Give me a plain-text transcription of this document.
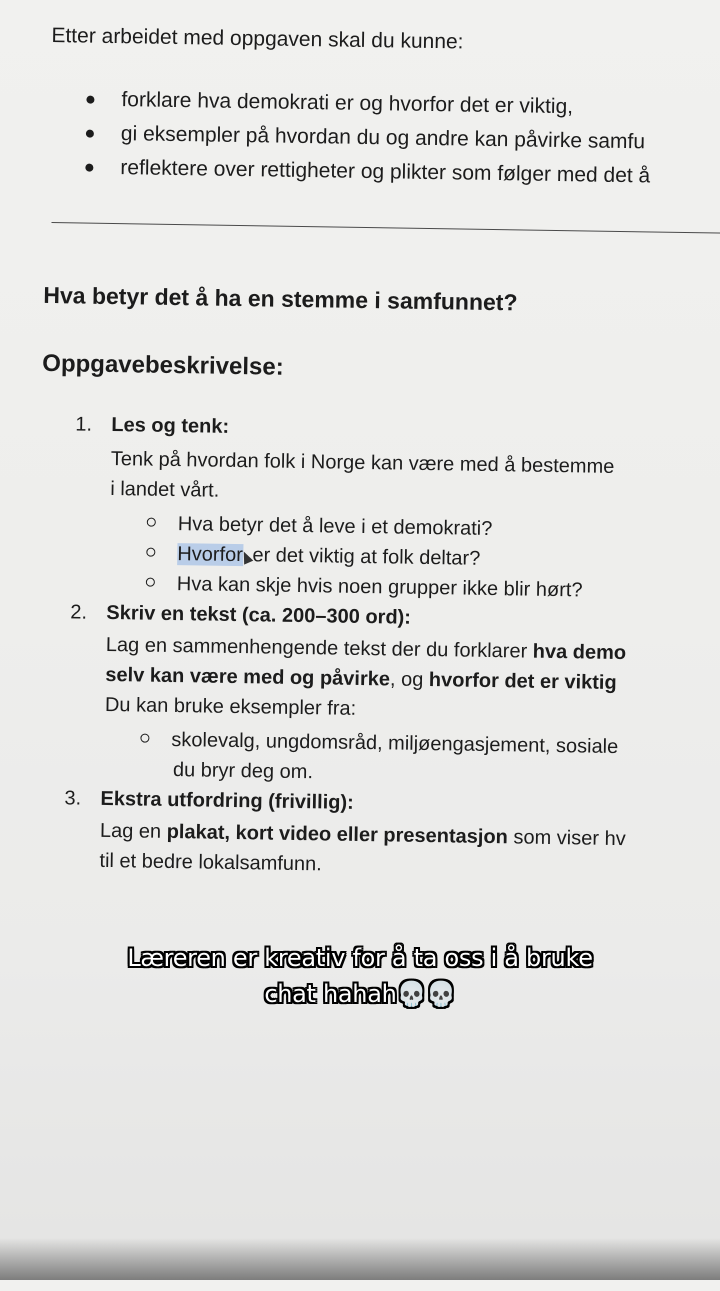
Etter arbeidet med oppgaven skal du kunne:
forklare hva demokrati er og hvorfor det er viktig,
gi eksempler på hvordan du og andre kan påvirke samfu
reflektere over rettigheter og plikter som følger med det å
Hva betyr det å ha en stemme i samfunnet?
Oppgavebeskrivelse:
1. Les og tenk:
Tenk på hvordan folk i Norge kan være med å bestemme
i landet vårt.
Hva betyr det å leve i et demokrati?
Hvorfor er det viktig at folk deltar?
Hva kan skje hvis noen grupper ikke blir hørt?
2. Skriv en tekst (ca. 200–300 ord):
Lag en sammenhengende tekst der du forklarer hva demo
selv kan være med og påvirke, og hvorfor det er viktig
Du kan bruke eksempler fra:
skolevalg, ungdomsråd, miljøengasjement, sosiale
du bryr deg om.
3. Ekstra utfordring (frivillig):
Lag en plakat, kort video eller presentasjon som viser hv
til et bedre lokalsamfunn.
Læreren er kreativ for å ta oss i å bruke
chat hahah💀💀
